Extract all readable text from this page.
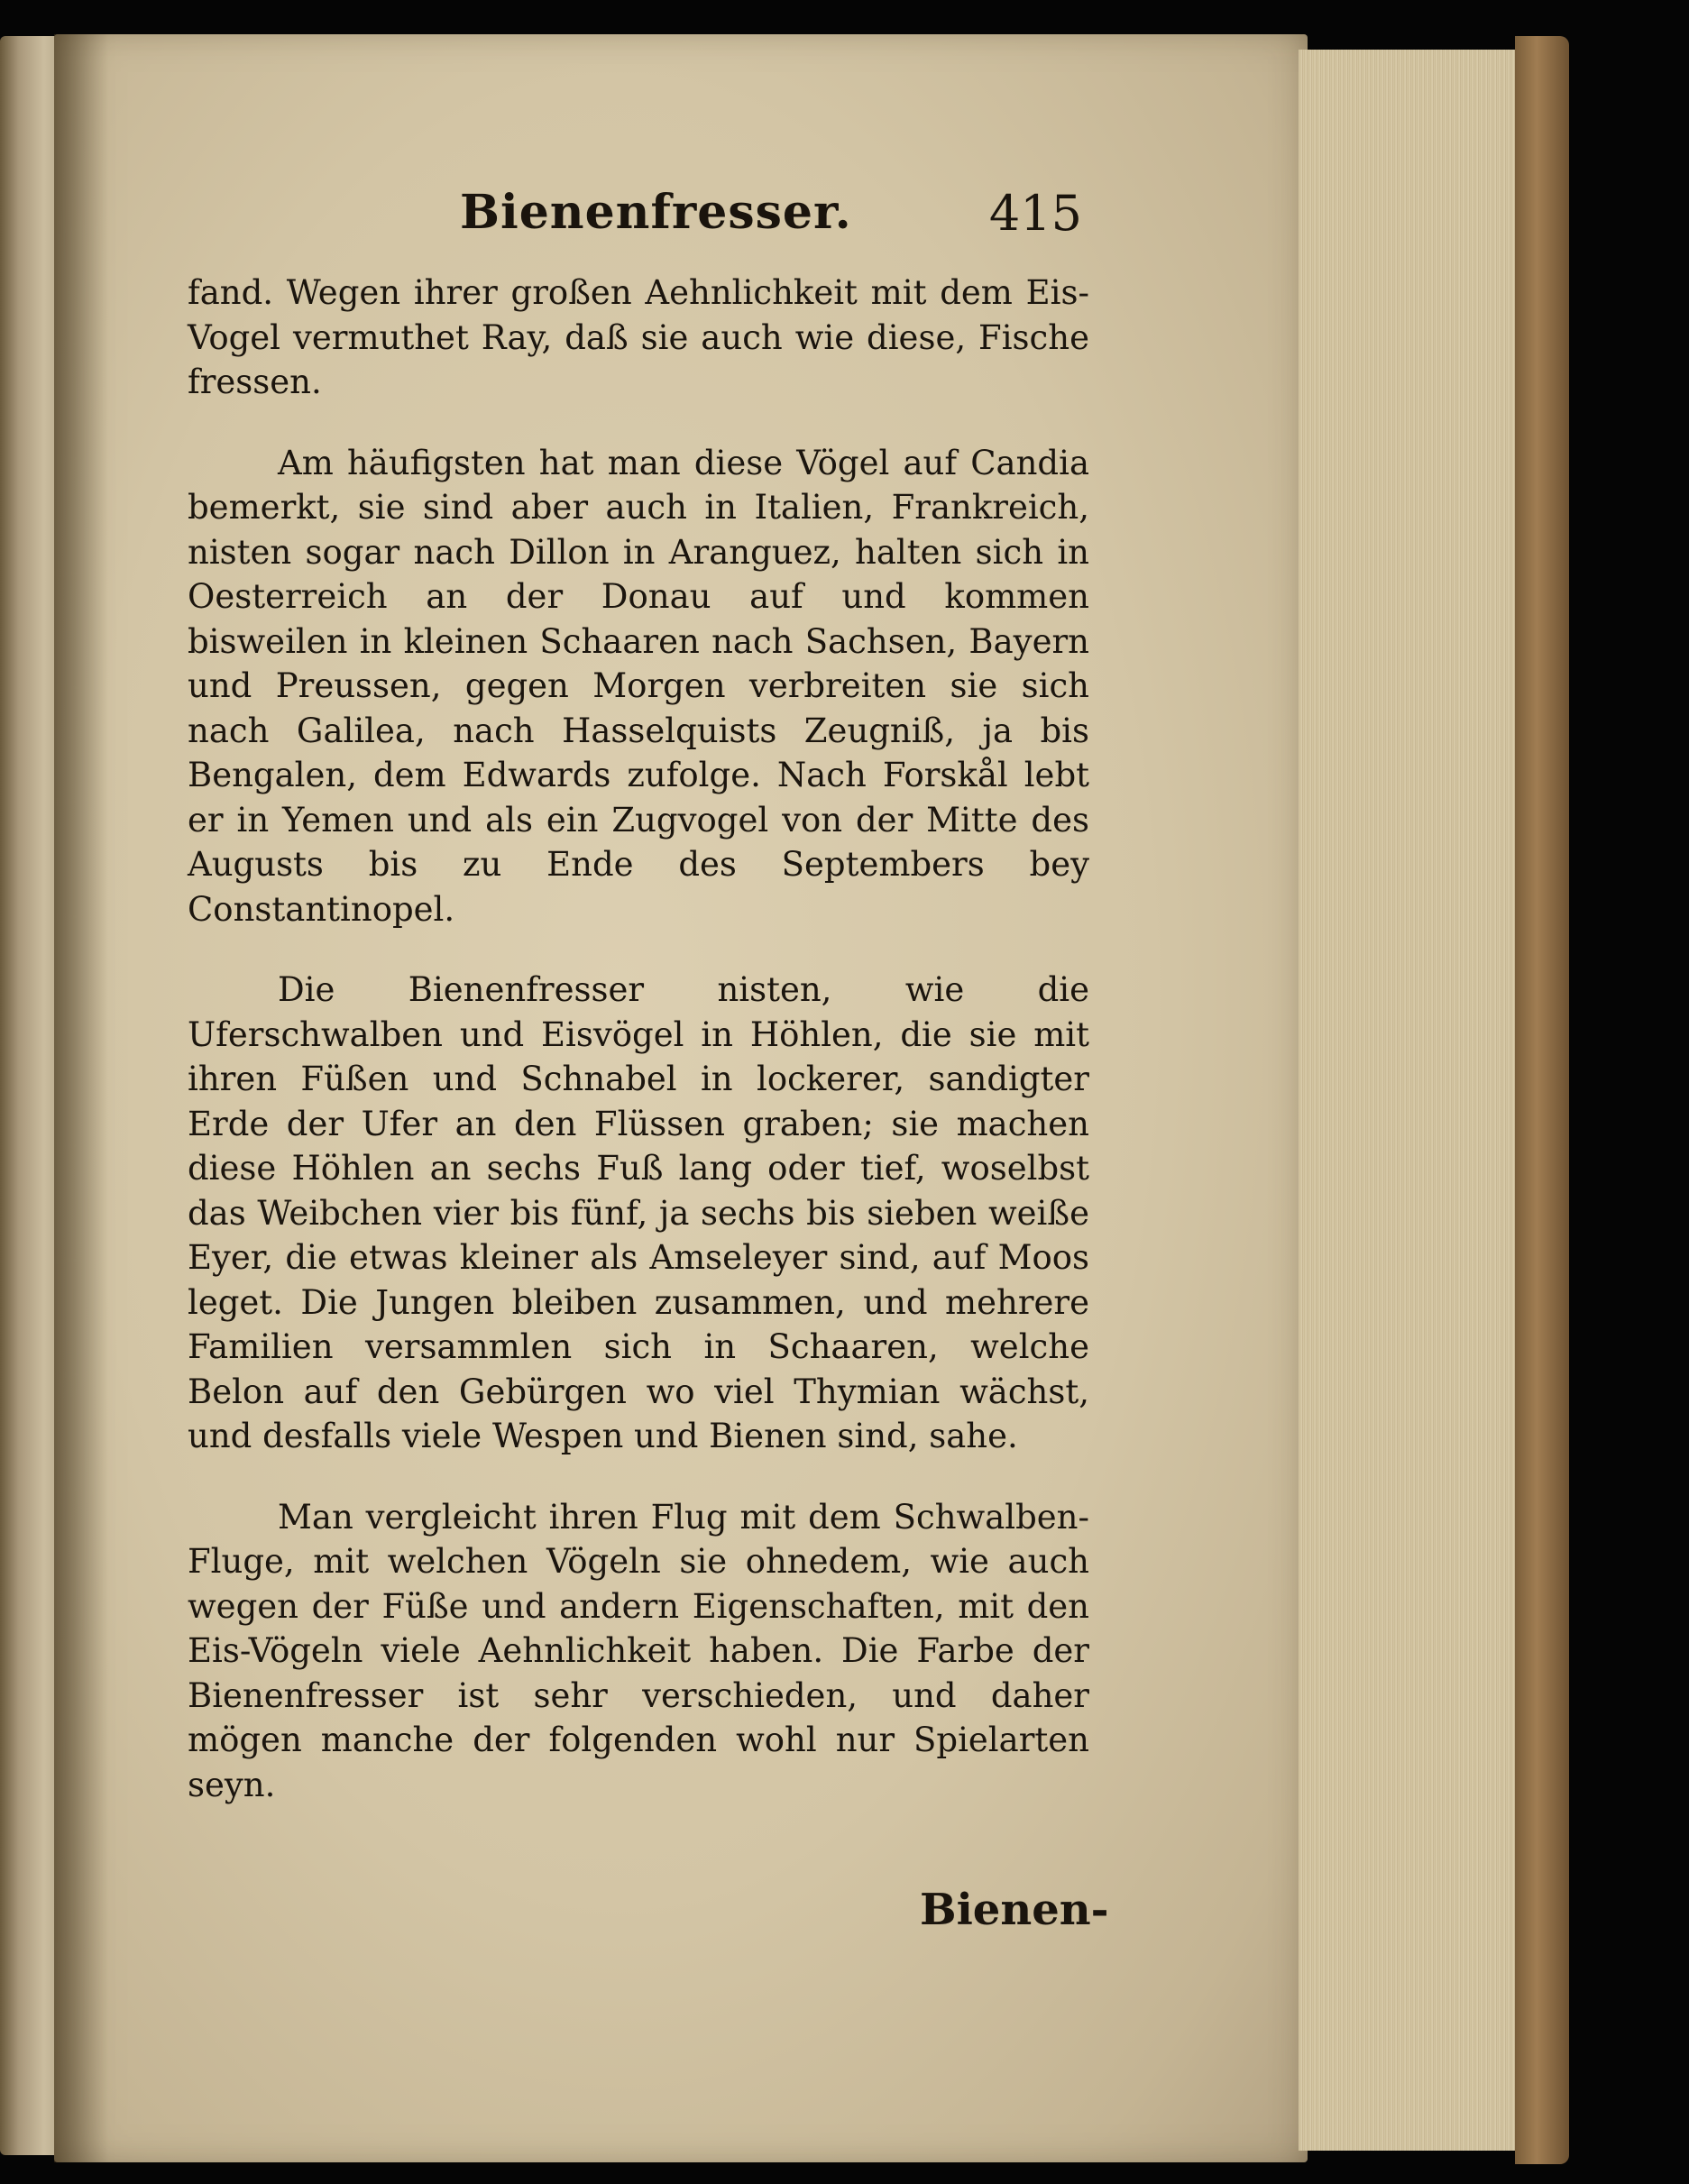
Bienenfresser.	415

fand. Wegen ihrer großen Aehnlichkeit mit dem Eis-Vogel vermuthet Ray, daß sie auch wie diese, Fische fressen.

Am häufigsten hat man diese Vögel auf Candia bemerkt, sie sind aber auch in Italien, Frankreich, nisten sogar nach Dillon in Aranguez, halten sich in Oesterreich an der Donau auf und kommen bisweilen in kleinen Schaaren nach Sachsen, Bayern und Preussen, gegen Morgen verbreiten sie sich nach Galilea, nach Hasselquists Zeugniß, ja bis Bengalen, dem Edwards zufolge. Nach Forskål lebt er in Yemen und als ein Zugvogel von der Mitte des Augusts bis zu Ende des Septembers bey Constantinopel.

Die Bienenfresser nisten, wie die Uferschwalben und Eisvögel in Höhlen, die sie mit ihren Füßen und Schnabel in lockerer, sandigter Erde der Ufer an den Flüssen graben; sie machen diese Höhlen an sechs Fuß lang oder tief, woselbst das Weibchen vier bis fünf, ja sechs bis sieben weiße Eyer, die etwas kleiner als Amseleyer sind, auf Moos leget. Die Jungen bleiben zusammen, und mehrere Familien versammlen sich in Schaaren, welche Belon auf den Gebürgen wo viel Thymian wächst, und desfalls viele Wespen und Bienen sind, sahe.

Man vergleicht ihren Flug mit dem Schwalben-Fluge, mit welchen Vögeln sie ohnedem, wie auch wegen der Füße und andern Eigenschaften, mit den Eis-Vögeln viele Aehnlichkeit haben. Die Farbe der Bienenfresser ist sehr verschieden, und daher mögen manche der folgenden wohl nur Spielarten seyn.

Bienen-
